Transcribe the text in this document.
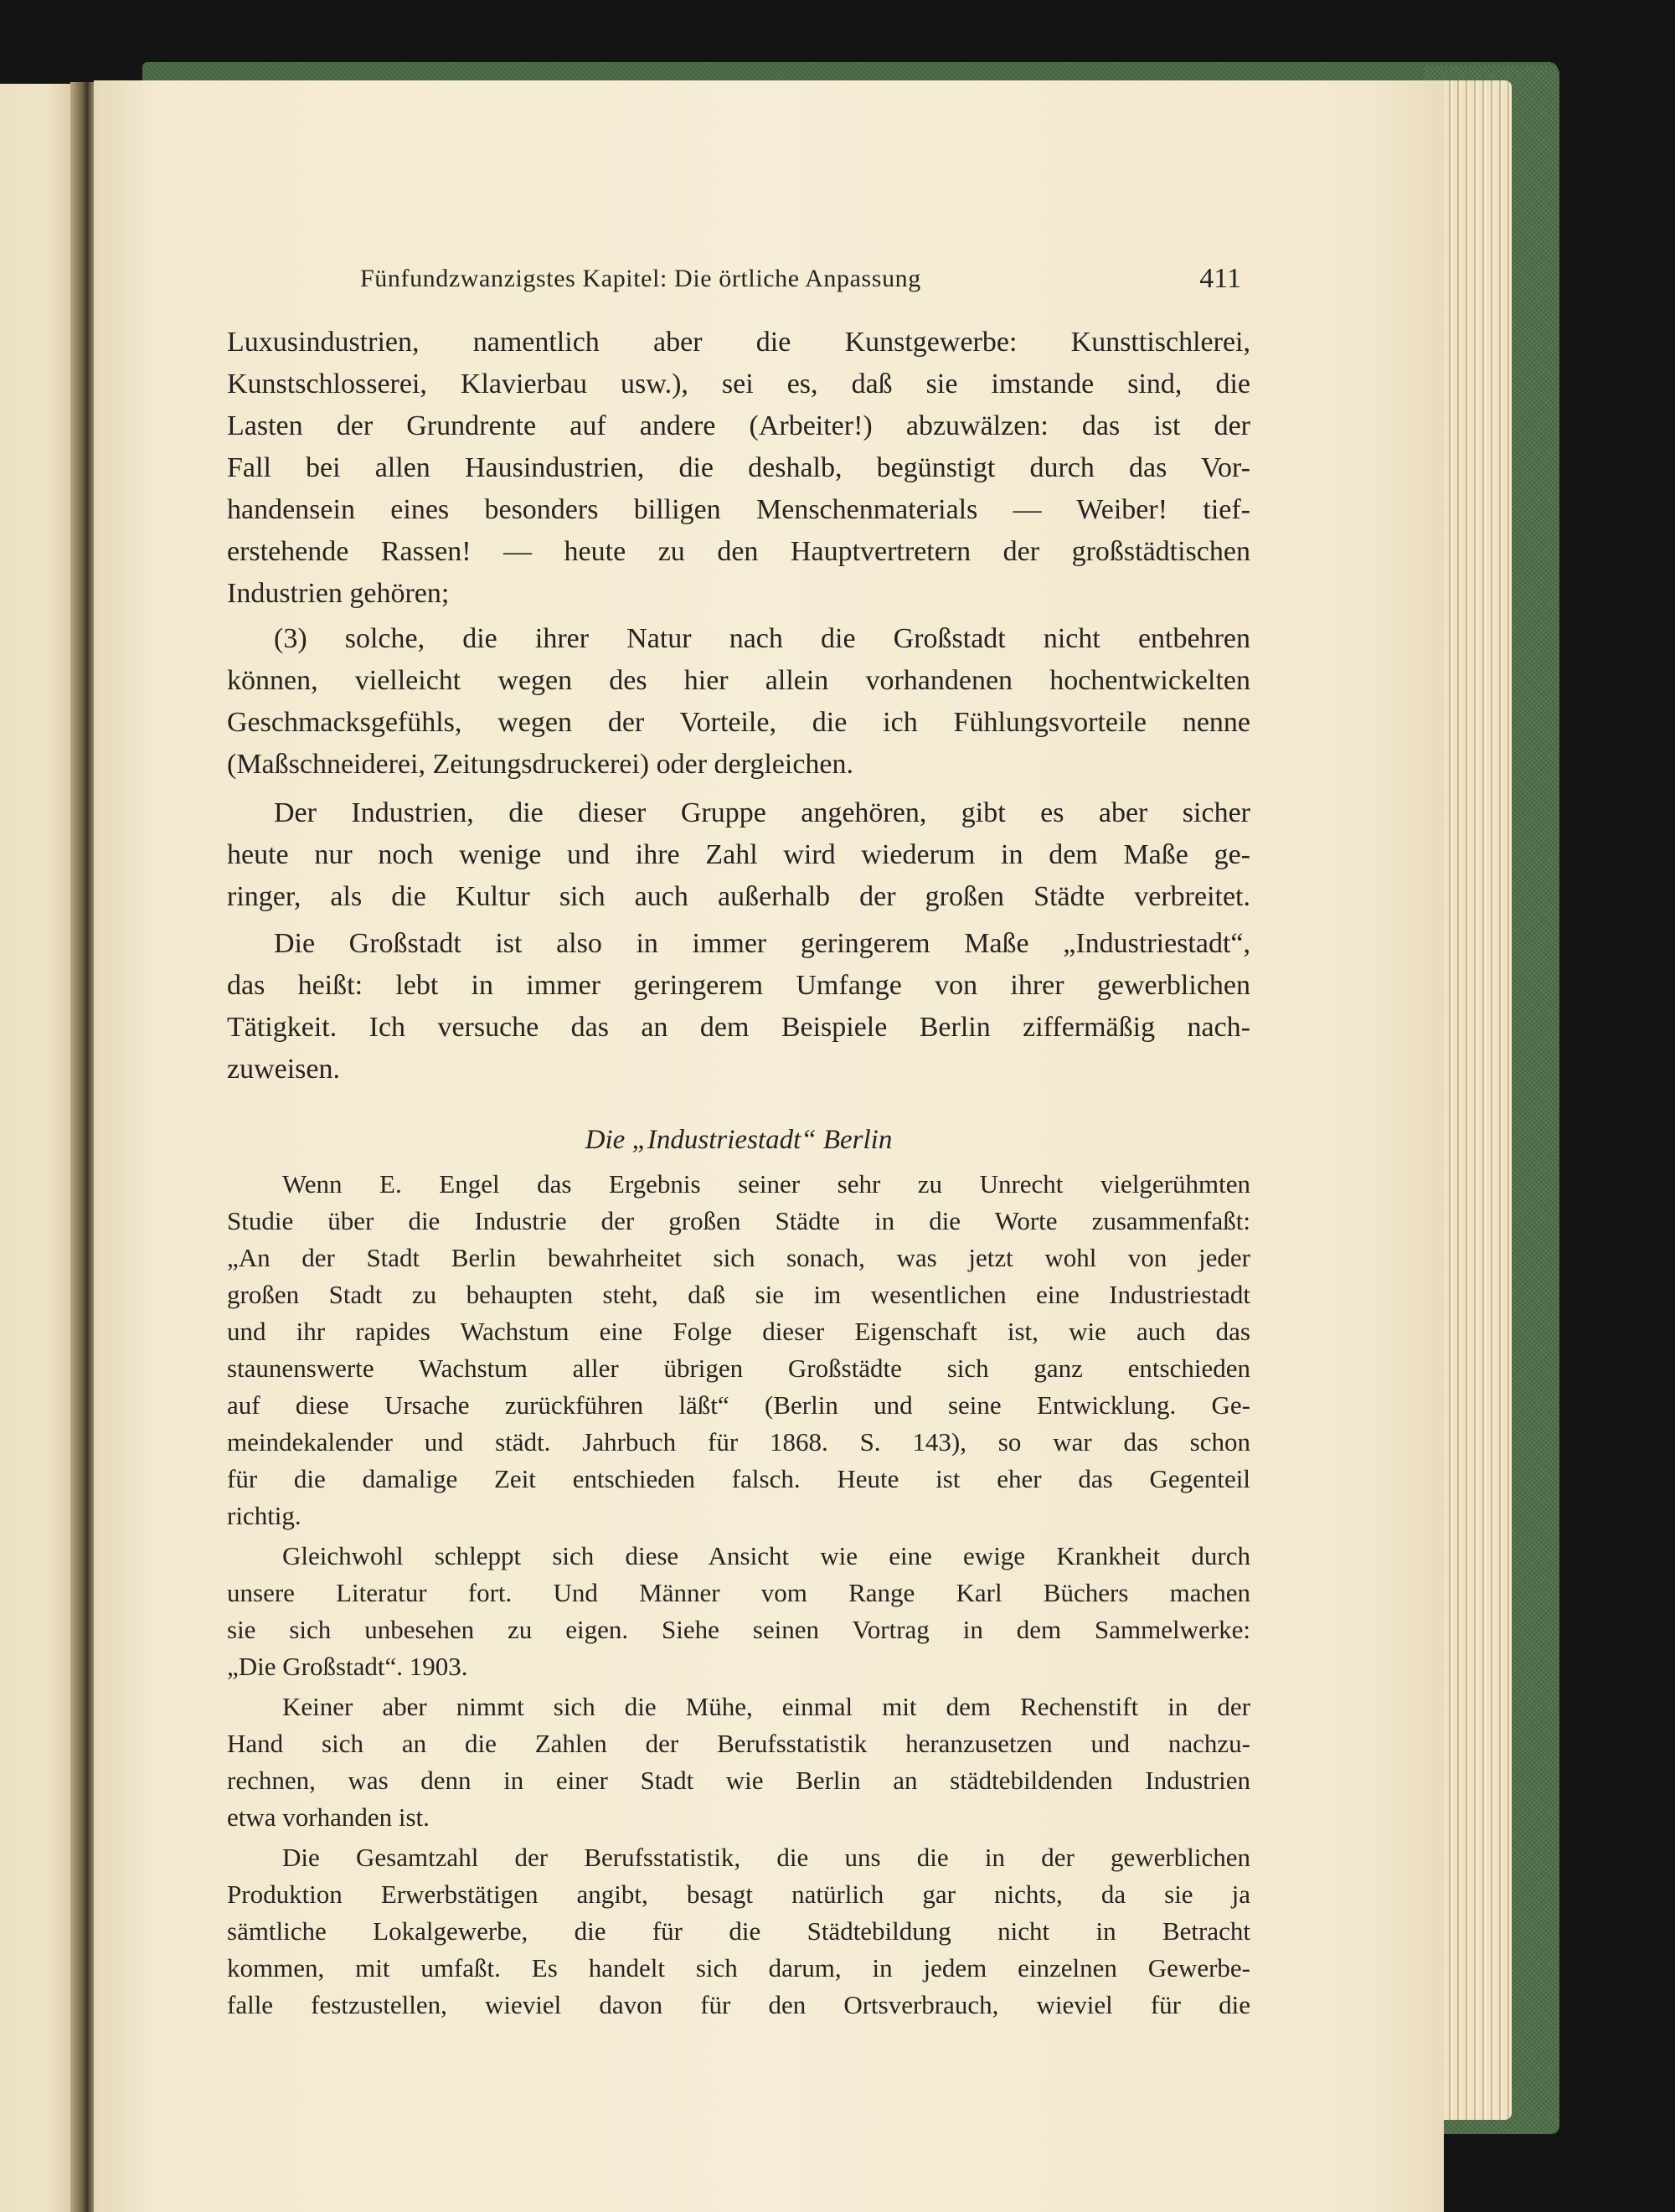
Fünfundzwanzigstes Kapitel: Die örtliche Anpassung	411
Luxusindustrien, namentlich aber die Kunstgewerbe: Kunsttischlerei,
Kunstschlosserei, Klavierbau usw.), sei es, daß sie imstande sind, die
Lasten der Grundrente auf andere (Arbeiter!) abzuwälzen: das ist der
Fall bei allen Hausindustrien, die deshalb, begünstigt durch das Vor-
handensein eines besonders billigen Menschenmaterials — Weiber! tief-
erstehende Rassen! — heute zu den Hauptvertretern der großstädtischen
Industrien gehören;
(3) solche, die ihrer Natur nach die Großstadt nicht entbehren
können, vielleicht wegen des hier allein vorhandenen hochentwickelten
Geschmacksgefühls, wegen der Vorteile, die ich Fühlungsvorteile nenne
(Maßschneiderei, Zeitungsdruckerei) oder dergleichen.
Der Industrien, die dieser Gruppe angehören, gibt es aber sicher
heute nur noch wenige und ihre Zahl wird wiederum in dem Maße ge-
ringer, als die Kultur sich auch außerhalb der großen Städte verbreitet.
Die Großstadt ist also in immer geringerem Maße „Industriestadt“,
das heißt: lebt in immer geringerem Umfange von ihrer gewerblichen
Tätigkeit. Ich versuche das an dem Beispiele Berlin ziffermäßig nach-
zuweisen.
Die „Industriestadt“ Berlin
Wenn E. Engel das Ergebnis seiner sehr zu Unrecht vielgerühmten
Studie über die Industrie der großen Städte in die Worte zusammenfaßt:
„An der Stadt Berlin bewahrheitet sich sonach, was jetzt wohl von jeder
großen Stadt zu behaupten steht, daß sie im wesentlichen eine Industriestadt
und ihr rapides Wachstum eine Folge dieser Eigenschaft ist, wie auch das
staunenswerte Wachstum aller übrigen Großstädte sich ganz entschieden
auf diese Ursache zurückführen läßt“ (Berlin und seine Entwicklung. Ge-
meindekalender und städt. Jahrbuch für 1868. S. 143), so war das schon
für die damalige Zeit entschieden falsch. Heute ist eher das Gegenteil
richtig.
Gleichwohl schleppt sich diese Ansicht wie eine ewige Krankheit durch
unsere Literatur fort. Und Männer vom Range Karl Büchers machen
sie sich unbesehen zu eigen. Siehe seinen Vortrag in dem Sammelwerke:
„Die Großstadt“. 1903.
Keiner aber nimmt sich die Mühe, einmal mit dem Rechenstift in der
Hand sich an die Zahlen der Berufsstatistik heranzusetzen und nachzu-
rechnen, was denn in einer Stadt wie Berlin an städtebildenden Industrien
etwa vorhanden ist.
Die Gesamtzahl der Berufsstatistik, die uns die in der gewerblichen
Produktion Erwerbstätigen angibt, besagt natürlich gar nichts, da sie ja
sämtliche Lokalgewerbe, die für die Städtebildung nicht in Betracht
kommen, mit umfaßt. Es handelt sich darum, in jedem einzelnen Gewerbe-
falle festzustellen, wieviel davon für den Ortsverbrauch, wieviel für die
